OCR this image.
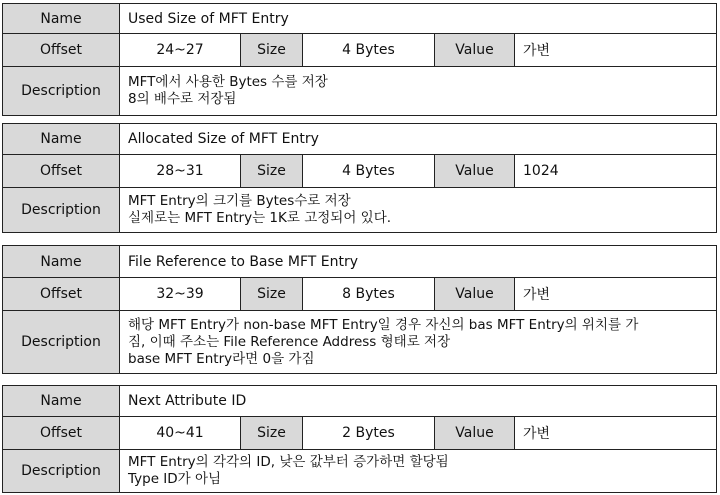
Name	Used Size of MFT Entry
Offset	24~27	Size	4 Bytes	Value	가변
Description
MFT에서 사용한 Bytes 수를 저장
8의 배수로 저장됨
Name	Allocated Size of MFT Entry
Offset	28~31	Size	4 Bytes	Value	1024
Description
MFT Entry의 크기를 Bytes수로 저장
실제로는 MFT Entry는 1K로 고정되어 있다.
Name	File Reference to Base MFT Entry
Offset	32~39	Size	8 Bytes	Value	가변
Description
해당 MFT Entry가 non-base MFT Entry일 경우 자신의 bas MFT Entry의 위치를 가
짐, 이때 주소는 File Reference Address 형태로 저장
base MFT Entry라면 0을 가짐
Name	Next Attribute ID
Offset	40~41	Size	2 Bytes	Value	가변
Description
MFT Entry의 각각의 ID, 낮은 값부터 증가하면 할당됨
Type ID가 아님
